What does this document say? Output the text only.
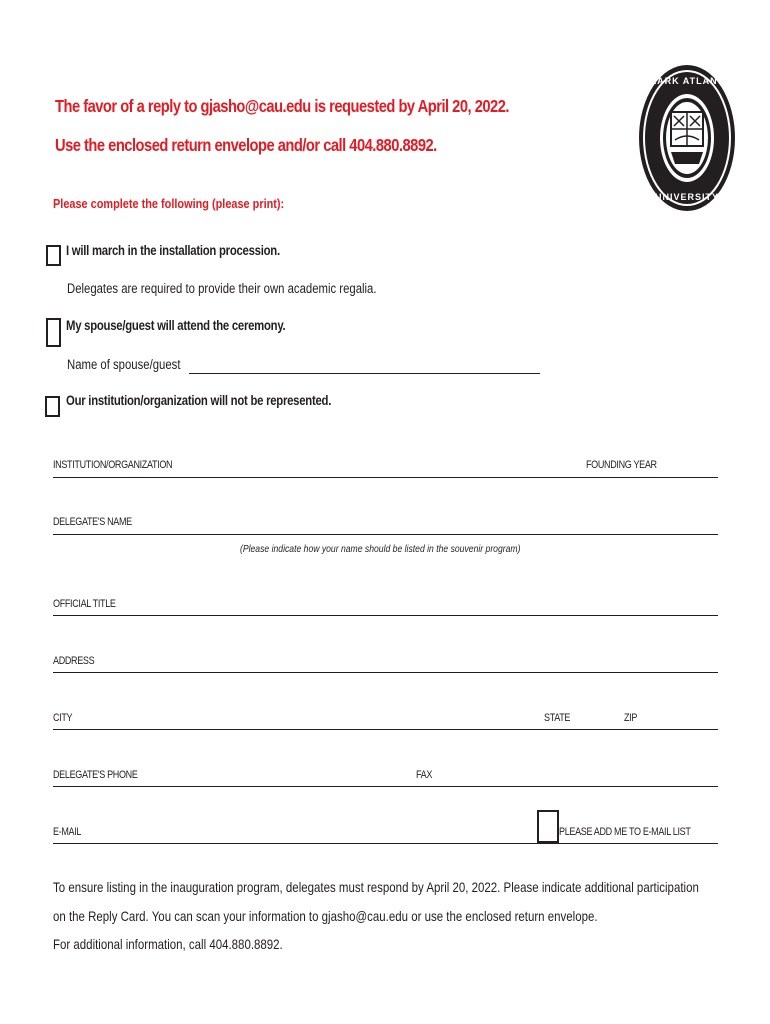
The favor of a reply to gjasho@cau.edu is requested by April 20, 2022.
Use the enclosed return envelope and/or call 404.880.8892.
CLARK ATLANTA
UNIVERSITY
Please complete the following (please print):
I will march in the installation procession.
Delegates are required to provide their own academic regalia.
My spouse/guest will attend the ceremony.
Name of spouse/guest
Our institution/organization will not be represented.
INSTITUTION/ORGANIZATION	FOUNDING YEAR
DELEGATE'S NAME
(Please indicate how your name should be listed in the souvenir program)
OFFICIAL TITLE
ADDRESS
CITY	STATE	ZIP
DELEGATE'S PHONE	FAX
E-MAIL	PLEASE ADD ME TO E-MAIL LIST
To ensure listing in the inauguration program, delegates must respond by April 20, 2022. Please indicate additional participation
on the Reply Card. You can scan your information to gjasho@cau.edu or use the enclosed return envelope.
For additional information, call 404.880.8892.
